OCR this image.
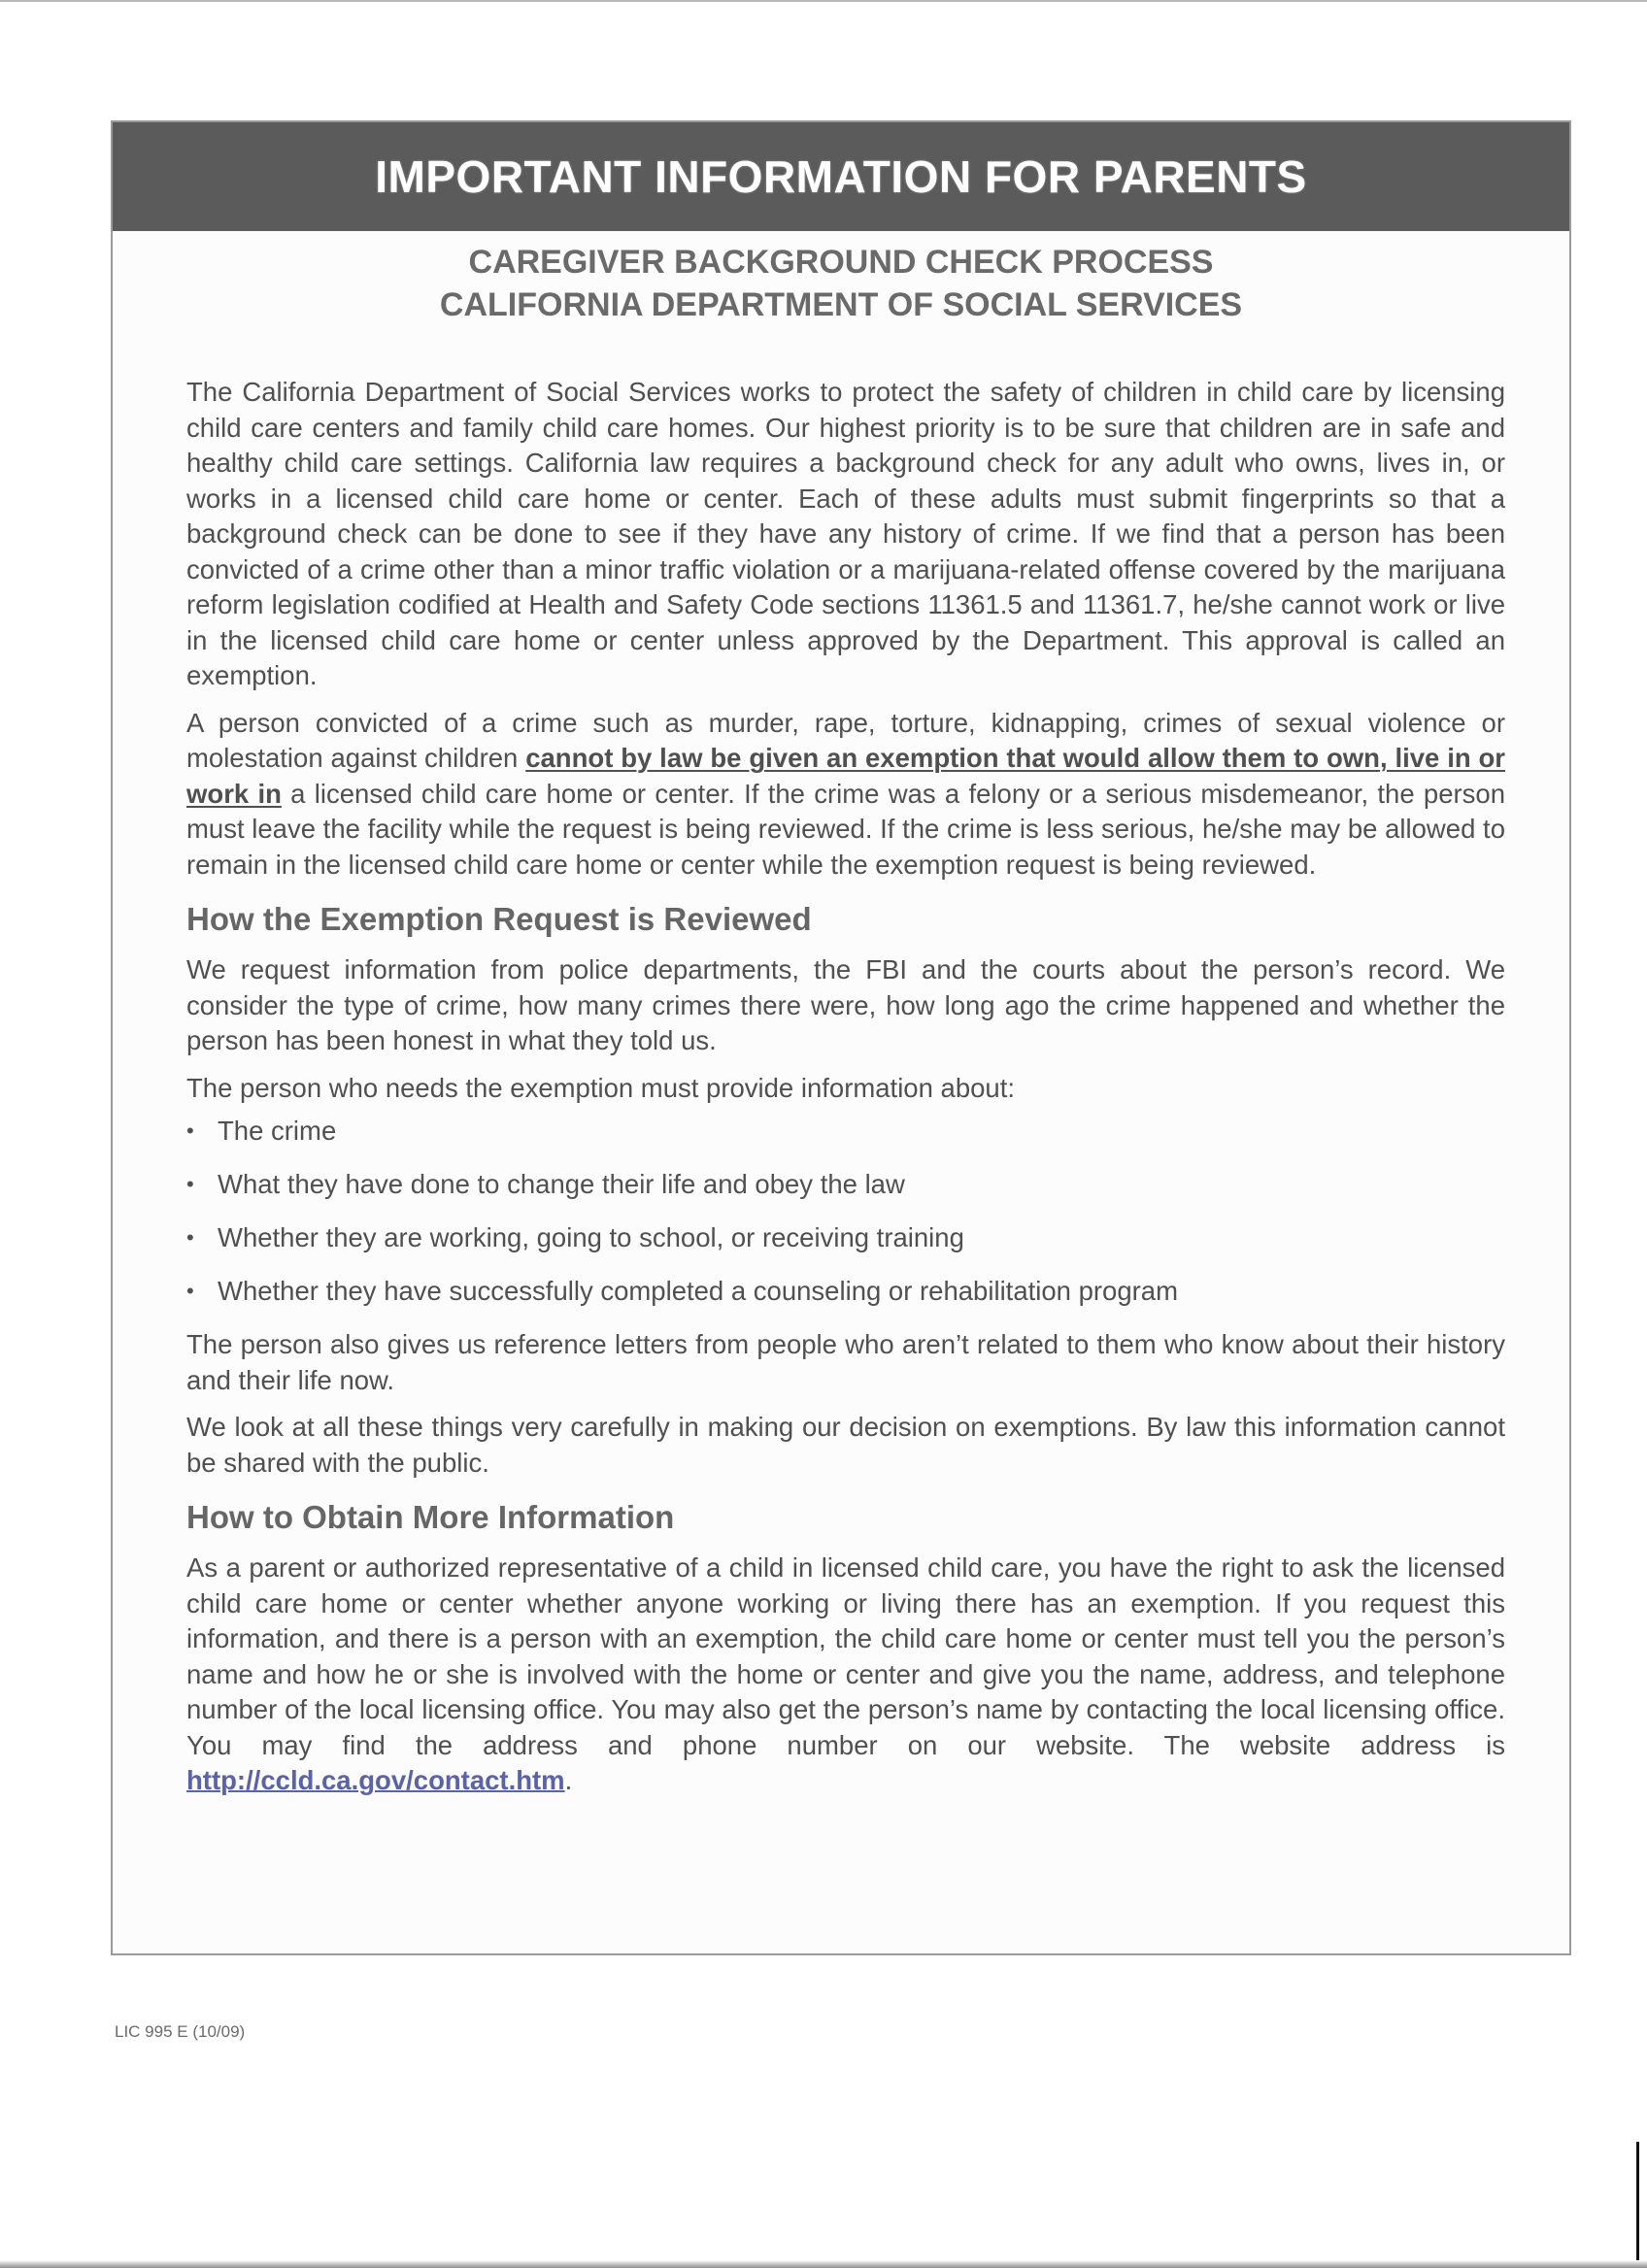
IMPORTANT INFORMATION FOR PARENTS
CAREGIVER BACKGROUND CHECK PROCESS
CALIFORNIA DEPARTMENT OF SOCIAL SERVICES

The California Department of Social Services works to protect the safety of children in child care by licensing child care centers and family child care homes. Our highest priority is to be sure that children are in safe and healthy child care settings. California law requires a background check for any adult who owns, lives in, or works in a licensed child care home or center. Each of these adults must submit fingerprints so that a background check can be done to see if they have any history of crime. If we find that a person has been convicted of a crime other than a minor traffic violation or a marijuana-related offense covered by the marijuana reform legislation codified at Health and Safety Code sections 11361.5 and 11361.7, he/she cannot work or live in the licensed child care home or center unless approved by the Department. This approval is called an exemption.

A person convicted of a crime such as murder, rape, torture, kidnapping, crimes of sexual violence or molestation against children cannot by law be given an exemption that would allow them to own, live in or work in a licensed child care home or center. If the crime was a felony or a serious misdemeanor, the person must leave the facility while the request is being reviewed. If the crime is less serious, he/she may be allowed to remain in the licensed child care home or center while the exemption request is being reviewed.

How the Exemption Request is Reviewed

We request information from police departments, the FBI and the courts about the person’s record. We consider the type of crime, how many crimes there were, how long ago the crime happened and whether the person has been honest in what they told us.

The person who needs the exemption must provide information about:

• The crime
• What they have done to change their life and obey the law
• Whether they are working, going to school, or receiving training
• Whether they have successfully completed a counseling or rehabilitation program

The person also gives us reference letters from people who aren’t related to them who know about their history and their life now.

We look at all these things very carefully in making our decision on exemptions. By law this information cannot be shared with the public.

How to Obtain More Information

As a parent or authorized representative of a child in licensed child care, you have the right to ask the licensed child care home or center whether anyone working or living there has an exemption. If you request this information, and there is a person with an exemption, the child care home or center must tell you the person’s name and how he or she is involved with the home or center and give you the name, address, and telephone number of the local licensing office. You may also get the person’s name by contacting the local licensing office. You may find the address and phone number on our website. The website address is http://ccld.ca.gov/contact.htm.

LIC 995 E (10/09)
